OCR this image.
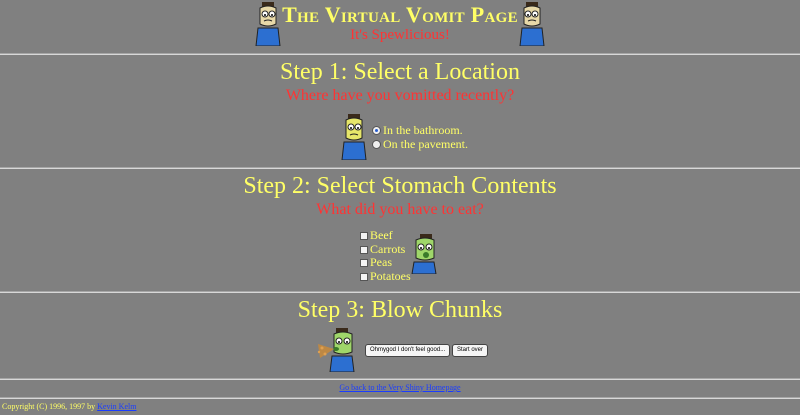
The Virtual Vomit Page
It's Spewlicious!
Step 1: Select a Location
Where have you vomitted recently?
In the bathroom.
On the pavement.
Step 2: Select Stomach Contents
What did you have to eat?
Beef
Carrots
Peas
Potatoes
Step 3: Blow Chunks
Ohmygod I don't feel good...	Start over
Go back to the Very Shiny Homepage
Copyright (C) 1996, 1997 by Kevin Kelm
